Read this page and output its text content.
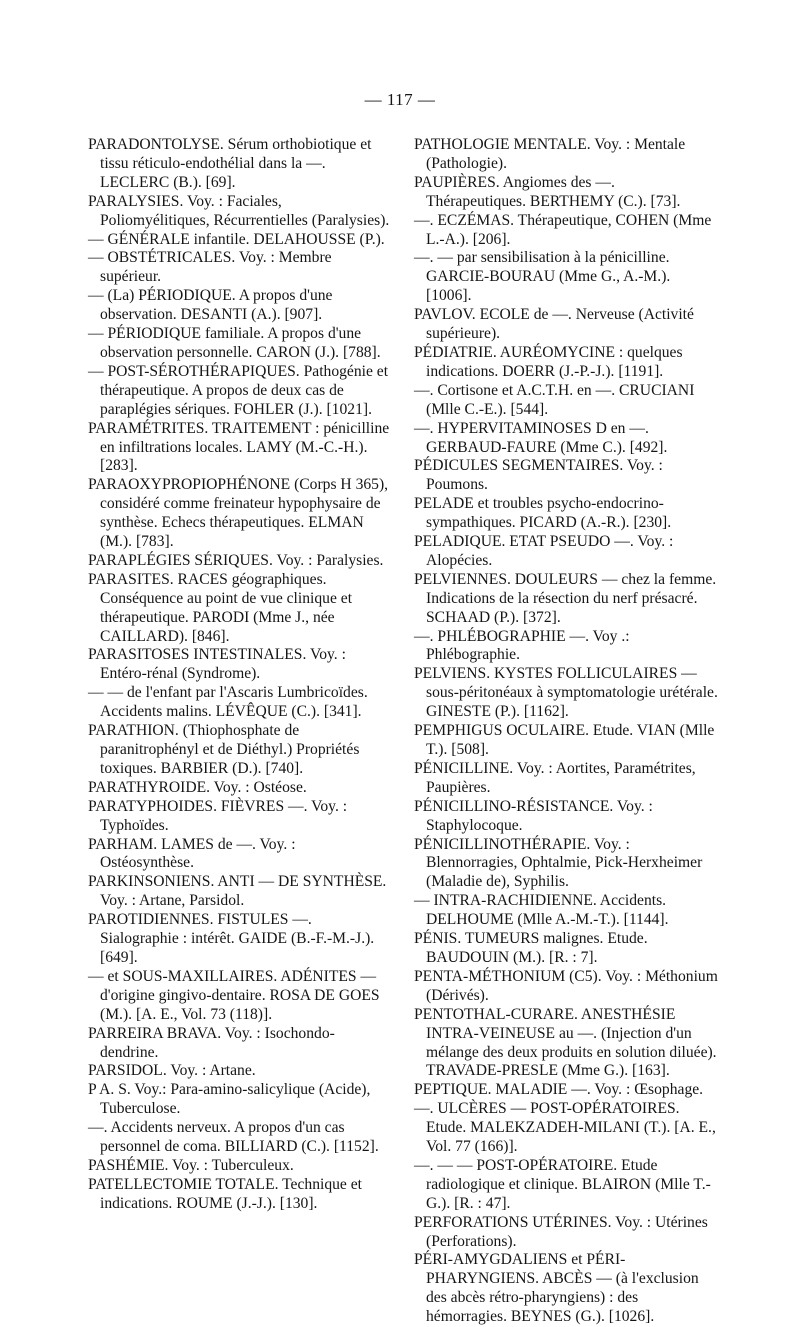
— 117 —

PARADONTOLYSE. Sérum orthobiotique et tissu réticulo-endothélial dans la —. LECLERC (B.). [69].

PARALYSIES. Voy. : Faciales, Poliomyélitiques, Récurrentielles (Paralysies).

— GÉNÉRALE infantile. DELAHOUSSE (P.).

— OBSTÉTRICALES. Voy. : Membre supérieur.

— (La) PÉRIODIQUE. A propos d'une observation. DESANTI (A.). [907].

— PÉRIODIQUE familiale. A propos d'une observation personnelle. CARON (J.). [788].

— POST-SÉROTHÉRAPIQUES. Pathogénie et thérapeutique. A propos de deux cas de paraplégies sériques. FOHLER (J.). [1021].

PARAMÉTRITES. TRAITEMENT : pénicilline en infiltrations locales. LAMY (M.-C.-H.). [283].

PARAOXYPROPIOPHÉNONE (Corps H 365), considéré comme freinateur hypophysaire de synthèse. Echecs thérapeutiques. ELMAN (M.). [783].

PARAPLÉGIES SÉRIQUES. Voy. : Paralysies.

PARASITES. RACES géographiques. Conséquence au point de vue clinique et thérapeutique. PARODI (Mme J., née CAILLARD). [846].

PARASITOSES INTESTINALES. Voy. : Entéro-rénal (Syndrome).

— — de l'enfant par l'Ascaris Lumbricoïdes. Accidents malins. LÉVÊQUE (C.). [341].

PARATHION. (Thiophosphate de paranitrophényl et de Diéthyl.) Propriétés toxiques. BARBIER (D.). [740].

PARATHYROIDE. Voy. : Ostéose.

PARATYPHOIDES. FIÈVRES —. Voy. : Typhoïdes.

PARHAM. LAMES de —. Voy. : Ostéosynthèse.

PARKINSONIENS. ANTI — DE SYNTHÈSE. Voy. : Artane, Parsidol.

PAROTIDIENNES. FISTULES —. Sialographie : intérêt. GAIDE (B.-F.-M.-J.). [649].

— et SOUS-MAXILLAIRES. ADÉNITES — d'origine gingivo-dentaire. ROSA DE GOES (M.). [A. E., Vol. 73 (118)].

PARREIRA BRAVA. Voy. : Isochondo-dendrine.

PARSIDOL. Voy. : Artane.

P A. S. Voy.: Para-amino-salicylique (Acide), Tuberculose.

—. Accidents nerveux. A propos d'un cas personnel de coma. BILLIARD (C.). [1152].

PASHÉMIE. Voy. : Tuberculeux.

PATELLECTOMIE TOTALE. Technique et indications. ROUME (J.-J.). [130].

PATHOLOGIE MENTALE. Voy. : Mentale (Pathologie).

PAUPIÈRES. Angiomes des —. Thérapeutiques. BERTHEMY (C.). [73].

—. ECZÉMAS. Thérapeutique, COHEN (Mme L.-A.). [206].

—. — par sensibilisation à la pénicilline. GARCIE-BOURAU (Mme G., A.-M.). [1006].

PAVLOV. ECOLE de —. Nerveuse (Activité supérieure).

PÉDIATRIE. AURÉOMYCINE : quelques indications. DOERR (J.-P.-J.). [1191].

—. Cortisone et A.C.T.H. en —. CRUCIANI (Mlle C.-E.). [544].

—. HYPERVITAMINOSES D en —. GERBAUD-FAURE (Mme C.). [492].

PÉDICULES SEGMENTAIRES. Voy. : Poumons.

PELADE et troubles psycho-endocrino-sympathiques. PICARD (A.-R.). [230].

PELADIQUE. ETAT PSEUDO —. Voy. : Alopécies.

PELVIENNES. DOULEURS — chez la femme. Indications de la résection du nerf présacré. SCHAAD (P.). [372].

—. PHLÉBOGRAPHIE —. Voy .: Phlébographie.

PELVIENS. KYSTES FOLLICULAIRES — sous-péritonéaux à symptomatologie urétérale. GINESTE (P.). [1162].

PEMPHIGUS OCULAIRE. Etude. VIAN (Mlle T.). [508].

PÉNICILLINE. Voy. : Aortites, Paramétrites, Paupières.

PÉNICILLINO-RÉSISTANCE. Voy. : Staphylocoque.

PÉNICILLINOTHÉRAPIE. Voy. : Blennorragies, Ophtalmie, Pick-Herxheimer (Maladie de), Syphilis.

— INTRA-RACHIDIENNE. Accidents. DELHOUME (Mlle A.-M.-T.). [1144].

PÉNIS. TUMEURS malignes. Etude. BAUDOUIN (M.). [R. : 7].

PENTA-MÉTHONIUM (C5). Voy. : Méthonium (Dérivés).

PENTOTHAL-CURARE. ANESTHÉSIE INTRA-VEINEUSE au —. (Injection d'un mélange des deux produits en solution diluée). TRAVADE-PRESLE (Mme G.). [163].

PEPTIQUE. MALADIE —. Voy. : Œsophage.

—. ULCÈRES — POST-OPÉRATOIRES. Etude. MALEKZADEH-MILANI (T.). [A. E., Vol. 77 (166)].

—. — — POST-OPÉRATOIRE. Etude radiologique et clinique. BLAIRON (Mlle T.-G.). [R. : 47].

PERFORATIONS UTÉRINES. Voy. : Utérines (Perforations).

PÉRI-AMYGDALIENS et PÉRI-PHARYNGIENS. ABCÈS — (à l'exclusion des abcès rétro-pharyngiens) : des hémorragies. BEYNES (G.). [1026].
